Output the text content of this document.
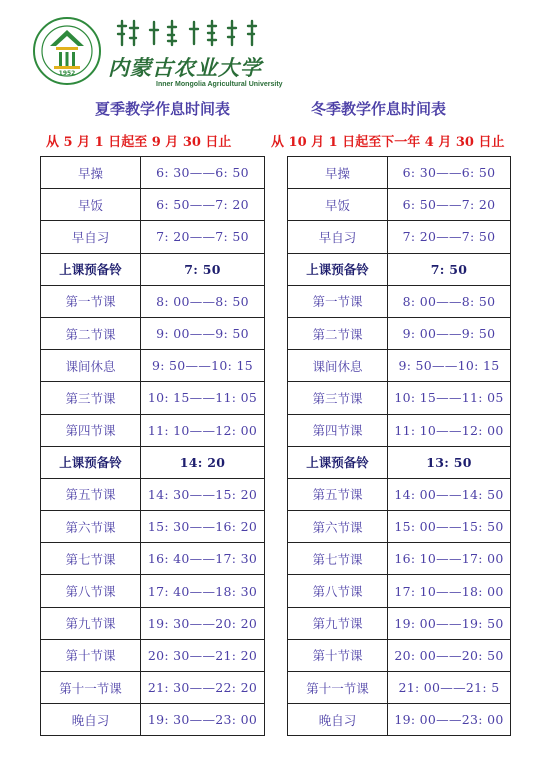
1952 内蒙古农业大学
Inner Mongolia Agricultural University
夏季教学作息时间表	冬季教学作息时间表
从 5 月 1 日起至 9 月 30 日止	从 10 月 1 日起至下一年 4 月 30 日止
早操	6: 30——6: 50
早饭	6: 50——7: 20
早自习	7: 20——7: 50
上课预备铃	7: 50
第一节课	8: 00——8: 50
第二节课	9: 00——9: 50
课间休息	9: 50——10: 15
第三节课	10: 15——11: 05
第四节课	11: 10——12: 00
上课预备铃	14: 20
第五节课	14: 30——15: 20
第六节课	15: 30——16: 20
第七节课	16: 40——17: 30
第八节课	17: 40——18: 30
第九节课	19: 30——20: 20
第十节课	20: 30——21: 20
第十一节课	21: 30——22: 20
晚自习	19: 30——23: 00
早操	6: 30——6: 50
早饭	6: 50——7: 20
早自习	7: 20——7: 50
上课预备铃	7: 50
第一节课	8: 00——8: 50
第二节课	9: 00——9: 50
课间休息	9: 50——10: 15
第三节课	10: 15——11: 05
第四节课	11: 10——12: 00
上课预备铃	13: 50
第五节课	14: 00——14: 50
第六节课	15: 00——15: 50
第七节课	16: 10——17: 00
第八节课	17: 10——18: 00
第九节课	19: 00——19: 50
第十节课	20: 00——20: 50
第十一节课	21: 00——21: 5
晚自习	19: 00——23: 00
